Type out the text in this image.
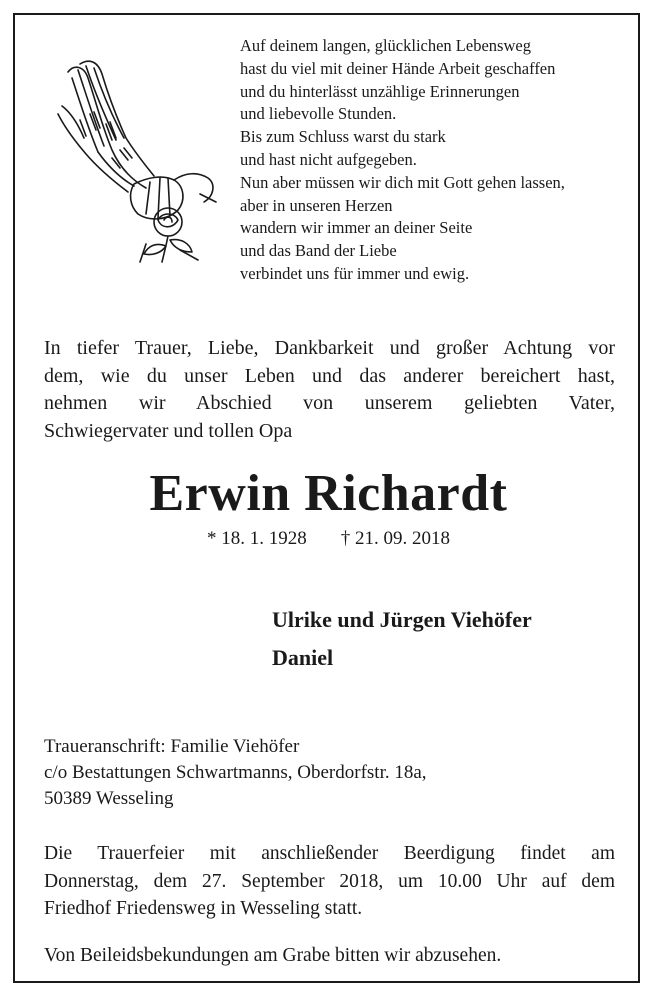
Auf deinem langen, glücklichen Lebensweg
hast du viel mit deiner Hände Arbeit geschaffen
und du hinterlässt unzählige Erinnerungen
und liebevolle Stunden.
Bis zum Schluss warst du stark
und hast nicht aufgegeben.
Nun aber müssen wir dich mit Gott gehen lassen,
aber in unseren Herzen
wandern wir immer an deiner Seite
und das Band der Liebe
verbindet uns für immer und ewig.
In tiefer Trauer, Liebe, Dankbarkeit und großer Achtung vor
dem, wie du unser Leben und das anderer bereichert hast,
nehmen wir Abschied von unserem geliebten Vater,
Schwiegervater und tollen Opa
Erwin Richardt
* 18. 1. 1928 † 21. 09. 2018
Ulrike und Jürgen Viehöfer
Daniel
Traueranschrift: Familie Viehöfer
c/o Bestattungen Schwartmanns, Oberdorfstr. 18a,
50389 Wesseling
Die Trauerfeier mit anschließender Beerdigung findet am
Donnerstag, dem 27. September 2018, um 10.00 Uhr auf dem
Friedhof Friedensweg in Wesseling statt.
Von Beileidsbekundungen am Grabe bitten wir abzusehen.
